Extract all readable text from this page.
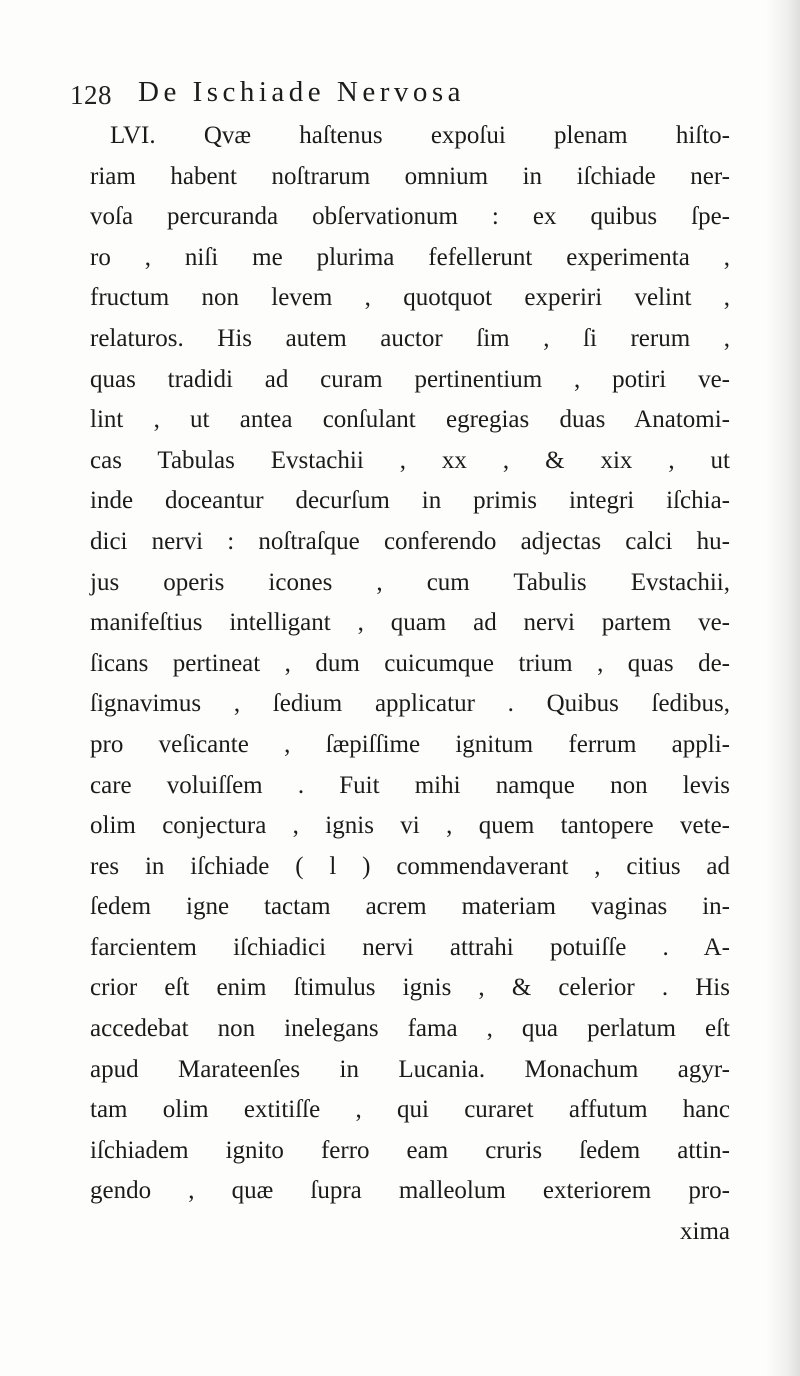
128 De Ischiade Nervosa
LVI. Qvæ haſtenus expoſui plenam hiſto-
riam habent noſtrarum omnium in iſchiade ner-
voſa percuranda obſervationum : ex quibus ſpe-
ro , niſi me plurima fefellerunt experimenta ,
fructum non levem , quotquot experiri velint ,
relaturos. His autem auctor ſim , ſi rerum ,
quas tradidi ad curam pertinentium , potiri ve-
lint , ut antea conſulant egregias duas Anatomi-
cas Tabulas Evstachii , xx , & xix , ut
inde doceantur decurſum in primis integri iſchia-
dici nervi : noſtraſque conferendo adjectas calci hu-
jus operis icones , cum Tabulis Evstachii,
manifeſtius intelligant , quam ad nervi partem ve-
ſicans pertineat , dum cuicumque trium , quas de-
ſignavimus , ſedium applicatur . Quibus ſedibus,
pro veſicante , ſæpiſſime ignitum ferrum appli-
care voluiſſem . Fuit mihi namque non levis
olim conjectura , ignis vi , quem tantopere vete-
res in iſchiade ( l ) commendaverant , citius ad
ſedem igne tactam acrem materiam vaginas in-
farcientem iſchiadici nervi attrahi potuiſſe . A-
crior eſt enim ſtimulus ignis , & celerior . His
accedebat non inelegans fama , qua perlatum eſt
apud Marateenſes in Lucania. Monachum agyr-
tam olim extitiſſe , qui curaret affutum hanc
iſchiadem ignito ferro eam cruris ſedem attin-
gendo , quæ ſupra malleolum exteriorem pro-
xima
